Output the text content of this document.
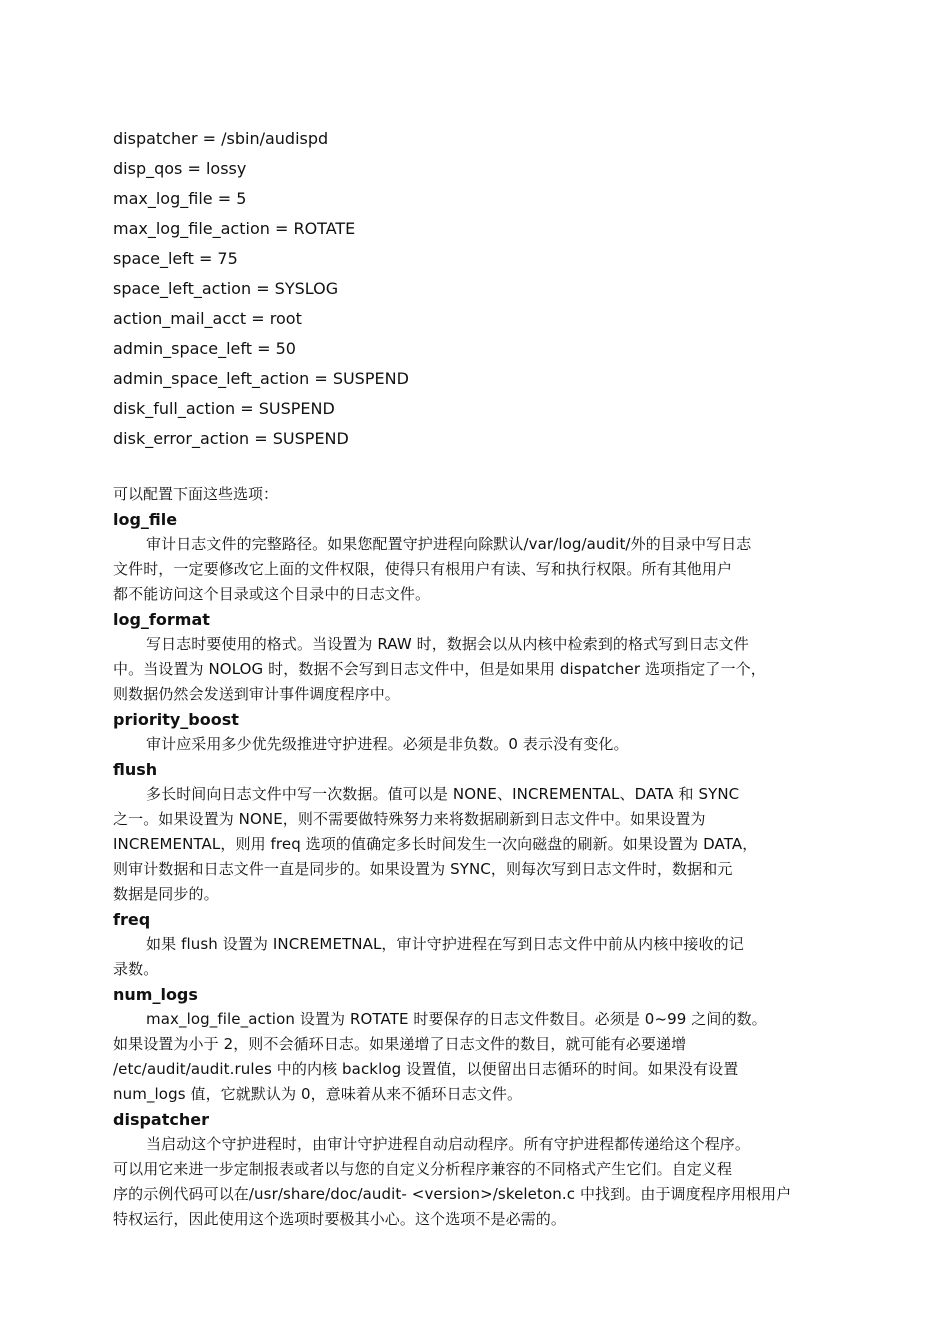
dispatcher = /sbin/audispd
disp_qos = lossy
max_log_file = 5
max_log_file_action = ROTATE
space_left = 75
space_left_action = SYSLOG
action_mail_acct = root
admin_space_left = 50
admin_space_left_action = SUSPEND
disk_full_action = SUSPEND
disk_error_action = SUSPEND
可以配置下面这些选项：
log_file
审计日志文件的完整路径。如果您配置守护进程向除默认/var/log/audit/外的目录中写日志
文件时，一定要修改它上面的文件权限，使得只有根用户有读、写和执行权限。所有其他用户
都不能访问这个目录或这个目录中的日志文件。
log_format
写日志时要使用的格式。当设置为 RAW 时，数据会以从内核中检索到的格式写到日志文件
中。当设置为 NOLOG 时，数据不会写到日志文件中，但是如果用 dispatcher 选项指定了一个，
则数据仍然会发送到审计事件调度程序中。
priority_boost
审计应采用多少优先级推进守护进程。必须是非负数。0 表示没有变化。
flush
多长时间向日志文件中写一次数据。值可以是 NONE、INCREMENTAL、DATA 和 SYNC
之一。如果设置为 NONE，则不需要做特殊努力来将数据刷新到日志文件中。如果设置为
INCREMENTAL，则用 freq 选项的值确定多长时间发生一次向磁盘的刷新。如果设置为 DATA，
则审计数据和日志文件一直是同步的。如果设置为 SYNC，则每次写到日志文件时，数据和元
数据是同步的。
freq
如果 flush 设置为 INCREMETNAL，审计守护进程在写到日志文件中前从内核中接收的记
录数。
num_logs
max_log_file_action 设置为 ROTATE 时要保存的日志文件数目。必须是 0~99 之间的数。
如果设置为小于 2，则不会循环日志。如果递增了日志文件的数目，就可能有必要递增
/etc/audit/audit.rules 中的内核 backlog 设置值，以便留出日志循环的时间。如果没有设置
num_logs 值，它就默认为 0，意味着从来不循环日志文件。
dispatcher
当启动这个守护进程时，由审计守护进程自动启动程序。所有守护进程都传递给这个程序。
可以用它来进一步定制报表或者以与您的自定义分析程序兼容的不同格式产生它们。自定义程
序的示例代码可以在/usr/share/doc/audit- <version>/skeleton.c 中找到。由于调度程序用根用户
特权运行，因此使用这个选项时要极其小心。这个选项不是必需的。
